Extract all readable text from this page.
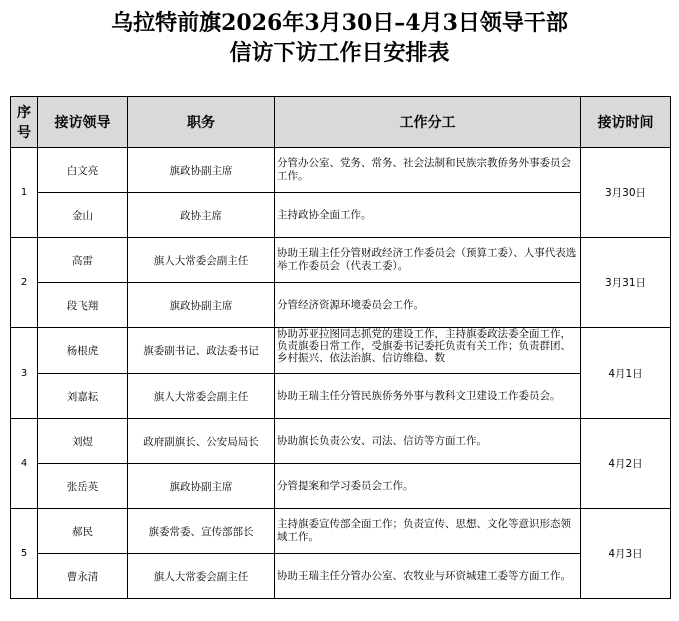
乌拉特前旗2026年3月30日–4月3日领导干部
信访下访工作日安排表
序号	接访领导	职务	工作分工	接访时间
1	白文亮	旗政协副主席	分管办公室、党务、常务、社会法制和民族宗教侨务外事委员会工作。	3月30日
	金山	政协主席	主持政协全面工作。	
2	高雷	旗人大常委会副主任	协助王瑞主任分管财政经济工作委员会（预算工委）、人事代表选举工作委员会（代表工委）。	3月31日
	段飞翔	旗政协副主席	分管经济资源环境委员会工作。	
3	杨根虎	旗委副书记、政法委书记	协助苏亚拉图同志抓党的建设工作，主持旗委政法委全面工作，负责旗委日常工作，受旗委书记委托负责有关工作；负责群团、乡村振兴、依法治旗、信访维稳、数	4月1日
	刘嘉耘	旗人大常委会副主任	协助王瑞主任分管民族侨务外事与教科文卫建设工作委员会。	
4	刘煜	政府副旗长、公安局局长	协助旗长负责公安、司法、信访等方面工作。	4月2日
	张岳英	旗政协副主席	分管提案和学习委员会工作。	
5	郝民	旗委常委、宣传部部长	主持旗委宣传部全面工作；负责宣传、思想、文化等意识形态领域工作。	4月3日
	曹永清	旗人大常委会副主任	协助王瑞主任分管办公室、农牧业与环资城建工委等方面工作。	
